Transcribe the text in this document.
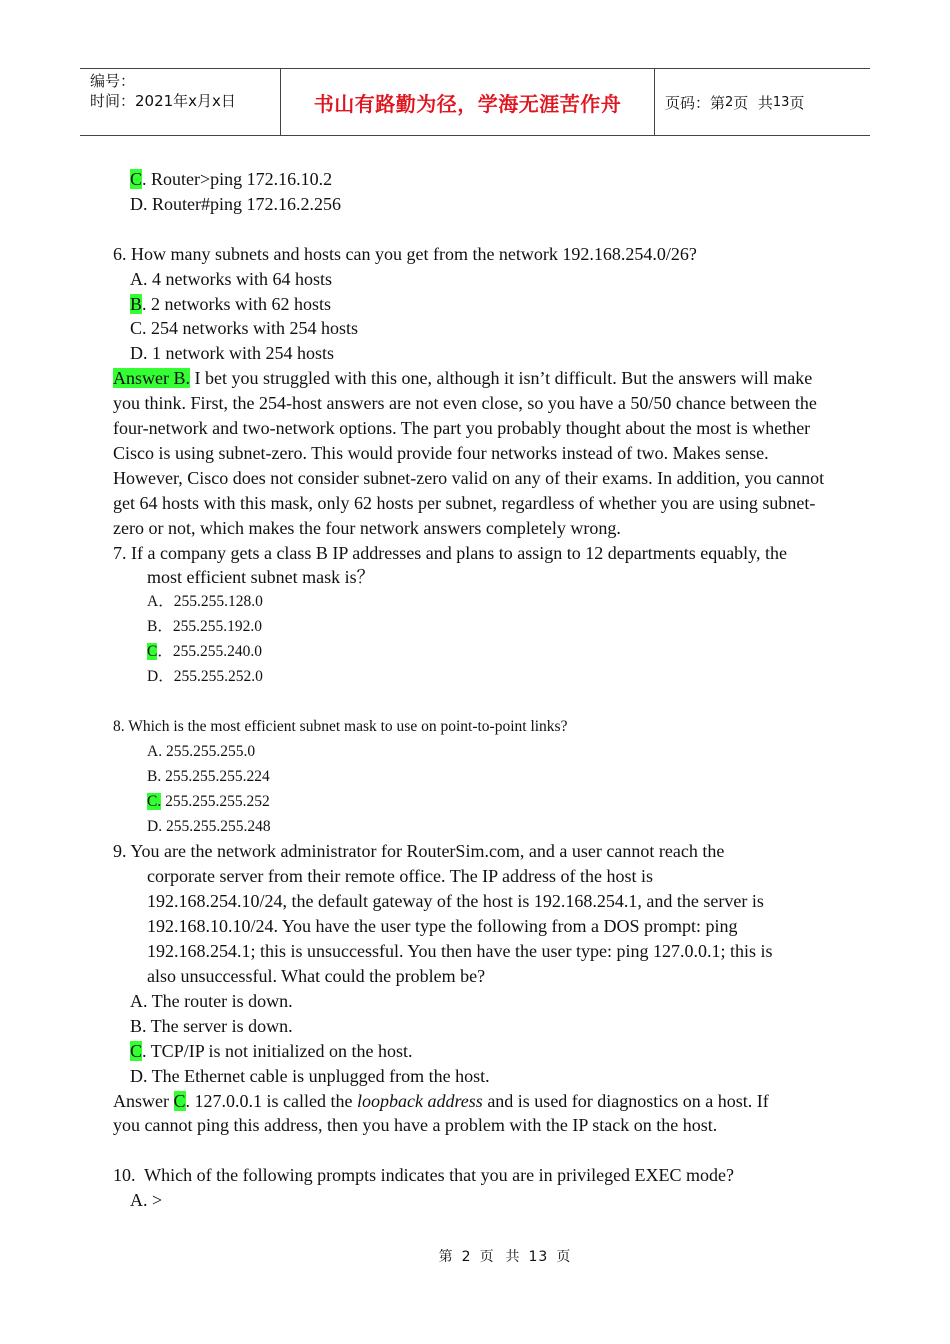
编号：
时间：2021年x月x日	书山有路勤为径，学海无涯苦作舟	页码：第 2 页  共 13 页
C. Router>ping 172.16.10.2
D. Router#ping 172.16.2.256
6. How many subnets and hosts can you get from the network 192.168.254.0/26?
A. 4 networks with 64 hosts
B. 2 networks with 62 hosts
C. 254 networks with 254 hosts
D. 1 network with 254 hosts
Answer B. I bet you struggled with this one, although it isn’t difficult. But the answers will make you think. First, the 254-host answers are not even close, so you have a 50/50 chance between the four-network and two-network options. The part you probably thought about the most is whether Cisco is using subnet-zero. This would provide four networks instead of two. Makes sense. However, Cisco does not consider subnet-zero valid on any of their exams. In addition, you cannot get 64 hosts with this mask, only 62 hosts per subnet, regardless of whether you are using subnet-zero or not, which makes the four network answers completely wrong.
7. If a company gets a class B IP addresses and plans to assign to 12 departments equably, the
most efficient subnet mask is？
A．255.255.128.0
B．255.255.192.0
C．255.255.240.0
D．255.255.252.0
8. Which is the most efficient subnet mask to use on point-to-point links?
A. 255.255.255.0
B. 255.255.255.224
C. 255.255.255.252
D. 255.255.255.248
9. You are the network administrator for RouterSim.com, and a user cannot reach the
corporate server from their remote office. The IP address of the host is
192.168.254.10/24, the default gateway of the host is 192.168.254.1, and the server is
192.168.10.10/24. You have the user type the following from a DOS prompt: ping
192.168.254.1; this is unsuccessful. You then have the user type: ping 127.0.0.1; this is
also unsuccessful. What could the problem be?
A. The router is down.
B. The server is down.
C. TCP/IP is not initialized on the host.
D. The Ethernet cable is unplugged from the host.
Answer C. 127.0.0.1 is called the loopback address and is used for diagnostics on a host. If
you cannot ping this address, then you have a problem with the IP stack on the host.
10.  Which of the following prompts indicates that you are in privileged EXEC mode?
A. >
第 2 页  共 13 页
